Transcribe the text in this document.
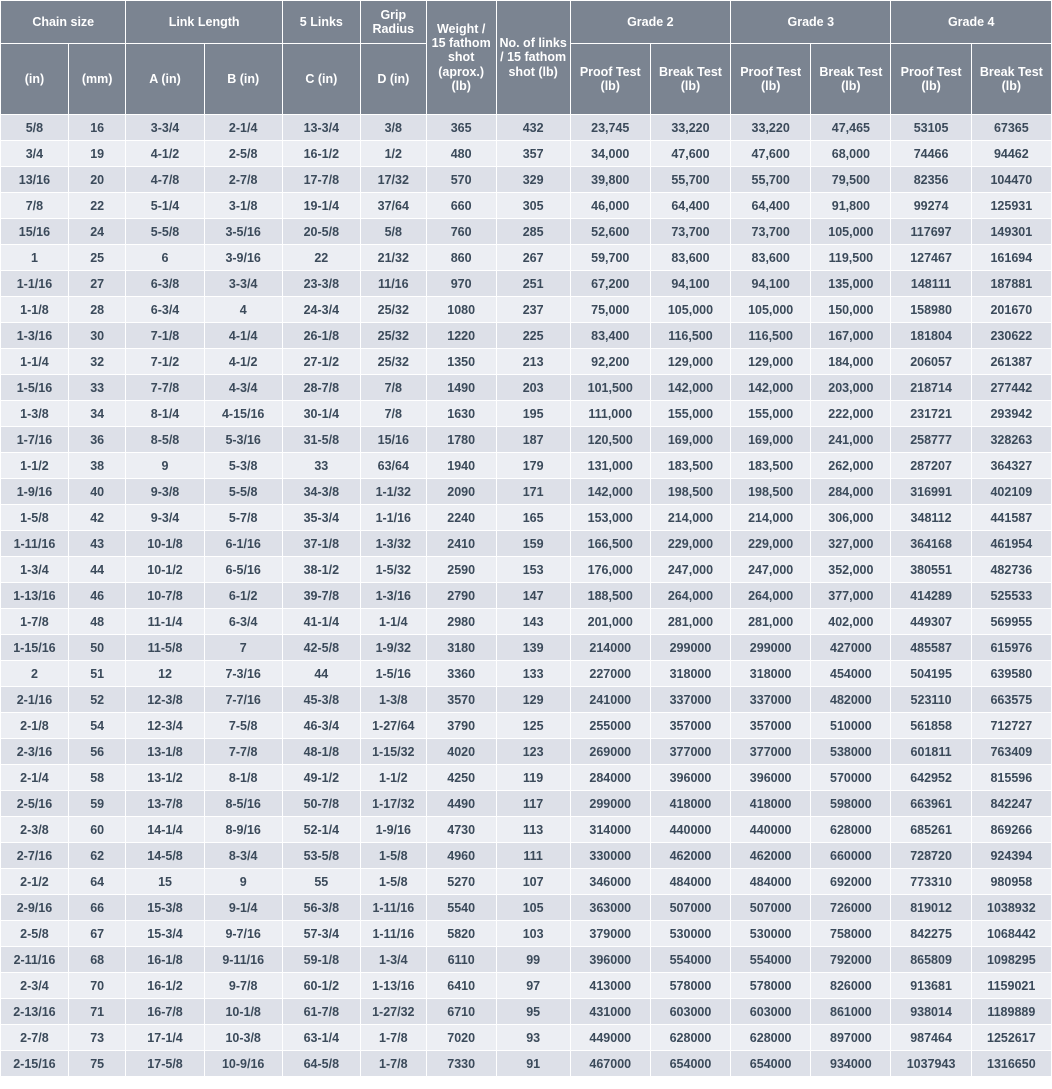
Chain size		Link Length		5 Links	Grip Radius	Weight / 15 fathom shot (aprox.) (lb)	No. of links / 15 fathom shot (lb)	Grade 2		Grade 3		Grade 4	
(in)	(mm)	A (in)	B (in)	C (in)	D (in)			Proof Test (lb)	Break Test (lb)	Proof Test (lb)	Break Test (lb)	Proof Test (lb)	Break Test (lb)
5/8	16	3-3/4	2-1/4	13-3/4	3/8	365	432	23,745	33,220	33,220	47,465	53105	67365
3/4	19	4-1/2	2-5/8	16-1/2	1/2	480	357	34,000	47,600	47,600	68,000	74466	94462
13/16	20	4-7/8	2-7/8	17-7/8	17/32	570	329	39,800	55,700	55,700	79,500	82356	104470
7/8	22	5-1/4	3-1/8	19-1/4	37/64	660	305	46,000	64,400	64,400	91,800	99274	125931
15/16	24	5-5/8	3-5/16	20-5/8	5/8	760	285	52,600	73,700	73,700	105,000	117697	149301
1	25	6	3-9/16	22	21/32	860	267	59,700	83,600	83,600	119,500	127467	161694
1-1/16	27	6-3/8	3-3/4	23-3/8	11/16	970	251	67,200	94,100	94,100	135,000	148111	187881
1-1/8	28	6-3/4	4	24-3/4	25/32	1080	237	75,000	105,000	105,000	150,000	158980	201670
1-3/16	30	7-1/8	4-1/4	26-1/8	25/32	1220	225	83,400	116,500	116,500	167,000	181804	230622
1-1/4	32	7-1/2	4-1/2	27-1/2	25/32	1350	213	92,200	129,000	129,000	184,000	206057	261387
1-5/16	33	7-7/8	4-3/4	28-7/8	7/8	1490	203	101,500	142,000	142,000	203,000	218714	277442
1-3/8	34	8-1/4	4-15/16	30-1/4	7/8	1630	195	111,000	155,000	155,000	222,000	231721	293942
1-7/16	36	8-5/8	5-3/16	31-5/8	15/16	1780	187	120,500	169,000	169,000	241,000	258777	328263
1-1/2	38	9	5-3/8	33	63/64	1940	179	131,000	183,500	183,500	262,000	287207	364327
1-9/16	40	9-3/8	5-5/8	34-3/8	1-1/32	2090	171	142,000	198,500	198,500	284,000	316991	402109
1-5/8	42	9-3/4	5-7/8	35-3/4	1-1/16	2240	165	153,000	214,000	214,000	306,000	348112	441587
1-11/16	43	10-1/8	6-1/16	37-1/8	1-3/32	2410	159	166,500	229,000	229,000	327,000	364168	461954
1-3/4	44	10-1/2	6-5/16	38-1/2	1-5/32	2590	153	176,000	247,000	247,000	352,000	380551	482736
1-13/16	46	10-7/8	6-1/2	39-7/8	1-3/16	2790	147	188,500	264,000	264,000	377,000	414289	525533
1-7/8	48	11-1/4	6-3/4	41-1/4	1-1/4	2980	143	201,000	281,000	281,000	402,000	449307	569955
1-15/16	50	11-5/8	7	42-5/8	1-9/32	3180	139	214000	299000	299000	427000	485587	615976
2	51	12	7-3/16	44	1-5/16	3360	133	227000	318000	318000	454000	504195	639580
2-1/16	52	12-3/8	7-7/16	45-3/8	1-3/8	3570	129	241000	337000	337000	482000	523110	663575
2-1/8	54	12-3/4	7-5/8	46-3/4	1-27/64	3790	125	255000	357000	357000	510000	561858	712727
2-3/16	56	13-1/8	7-7/8	48-1/8	1-15/32	4020	123	269000	377000	377000	538000	601811	763409
2-1/4	58	13-1/2	8-1/8	49-1/2	1-1/2	4250	119	284000	396000	396000	570000	642952	815596
2-5/16	59	13-7/8	8-5/16	50-7/8	1-17/32	4490	117	299000	418000	418000	598000	663961	842247
2-3/8	60	14-1/4	8-9/16	52-1/4	1-9/16	4730	113	314000	440000	440000	628000	685261	869266
2-7/16	62	14-5/8	8-3/4	53-5/8	1-5/8	4960	111	330000	462000	462000	660000	728720	924394
2-1/2	64	15	9	55	1-5/8	5270	107	346000	484000	484000	692000	773310	980958
2-9/16	66	15-3/8	9-1/4	56-3/8	1-11/16	5540	105	363000	507000	507000	726000	819012	1038932
2-5/8	67	15-3/4	9-7/16	57-3/4	1-11/16	5820	103	379000	530000	530000	758000	842275	1068442
2-11/16	68	16-1/8	9-11/16	59-1/8	1-3/4	6110	99	396000	554000	554000	792000	865809	1098295
2-3/4	70	16-1/2	9-7/8	60-1/2	1-13/16	6410	97	413000	578000	578000	826000	913681	1159021
2-13/16	71	16-7/8	10-1/8	61-7/8	1-27/32	6710	95	431000	603000	603000	861000	938014	1189889
2-7/8	73	17-1/4	10-3/8	63-1/4	1-7/8	7020	93	449000	628000	628000	897000	987464	1252617
2-15/16	75	17-5/8	10-9/16	64-5/8	1-7/8	7330	91	467000	654000	654000	934000	1037943	1316650
